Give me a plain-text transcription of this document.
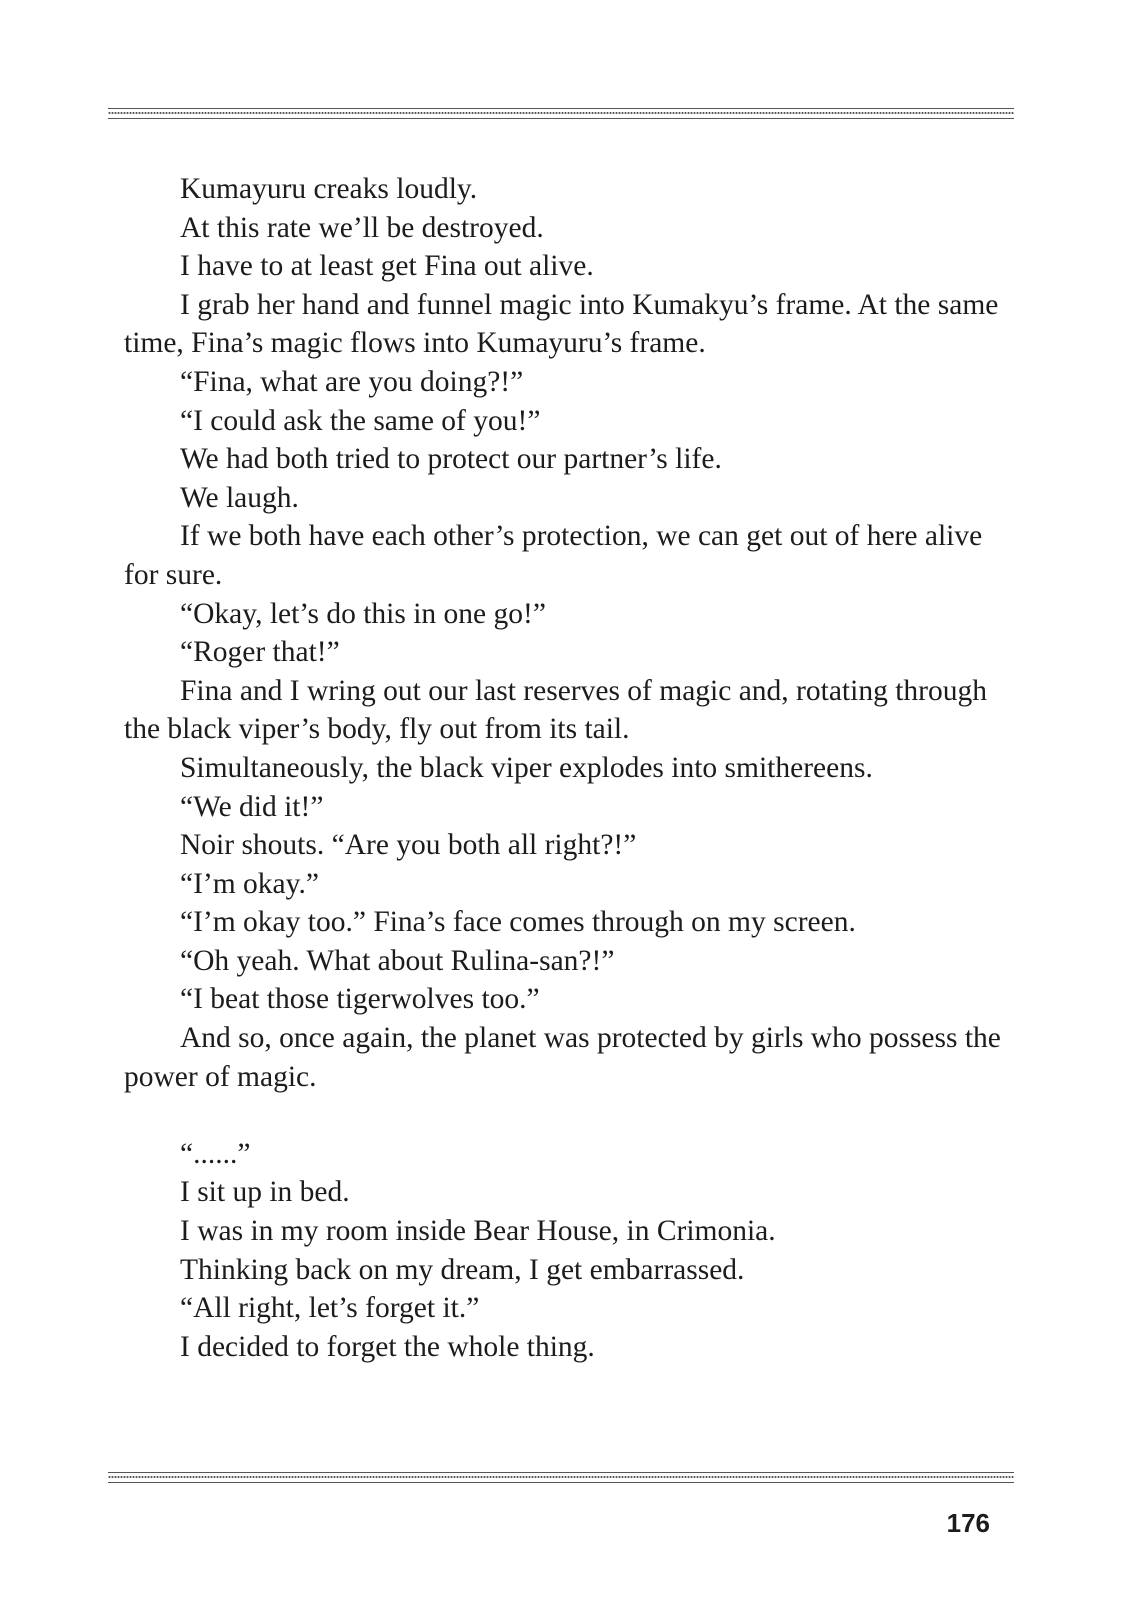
Kumayuru creaks loudly.

At this rate we’ll be destroyed.

I have to at least get Fina out alive.

I grab her hand and funnel magic into Kumakyu’s frame. At the same time, Fina’s magic flows into Kumayuru’s frame.

“Fina, what are you doing?!”

“I could ask the same of you!”

We had both tried to protect our partner’s life.

We laugh.

If we both have each other’s protection, we can get out of here alive for sure.

“Okay, let’s do this in one go!”

“Roger that!”

Fina and I wring out our last reserves of magic and, rotating through the black viper’s body, fly out from its tail.

Simultaneously, the black viper explodes into smithereens.

“We did it!”

Noir shouts. “Are you both all right?!”

“I’m okay.”

“I’m okay too.” Fina’s face comes through on my screen.

“Oh yeah. What about Rulina-san?!”

“I beat those tigerwolves too.”

And so, once again, the planet was protected by girls who possess the power of magic.

“......”

I sit up in bed.

I was in my room inside Bear House, in Crimonia.

Thinking back on my dream, I get embarrassed.

“All right, let’s forget it.”

I decided to forget the whole thing.

176
